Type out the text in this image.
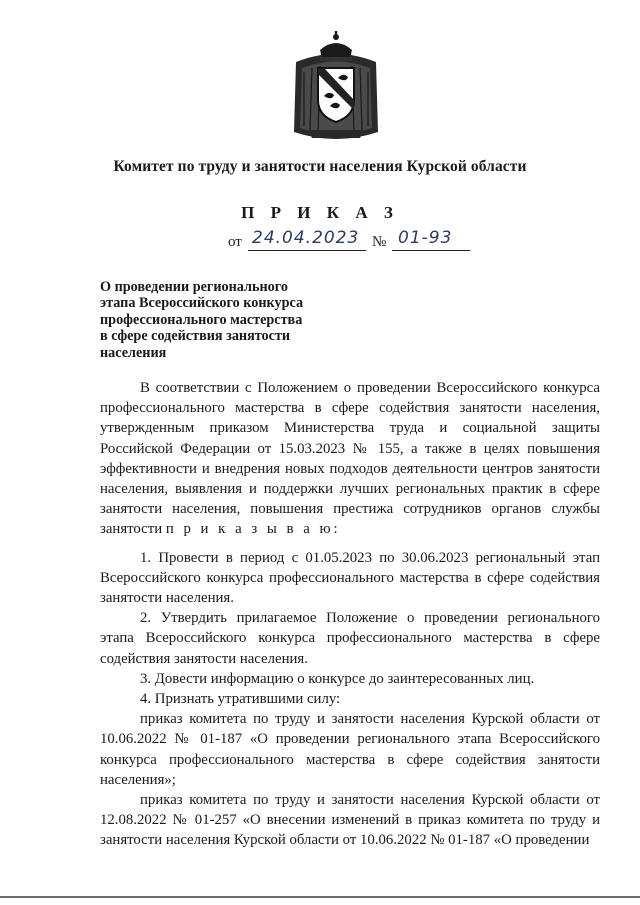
Комитет по труду и занятости населения Курской области
П Р И К А З
от 24.04.2023 № 01-93
О проведении регионального
этапа Всероссийского конкурса
профессионального мастерства
в сфере содействия занятости
населения

В соответствии с Положением о проведении Всероссийского конкурса профессионального мастерства в сфере содействия занятости населения, утвержденным приказом Министерства труда и социальной защиты Российской Федерации от 15.03.2023 № 155, а также в целях повышения эффективности и внедрения новых подходов деятельности центров занятости населения, выявления и поддержки лучших региональных практик в сфере занятости населения, повышения престижа сотрудников органов службы занятости п р и к а з ы в а ю:

1. Провести в период с 01.05.2023 по 30.06.2023 региональный этап Всероссийского конкурса профессионального мастерства в сфере содействия занятости населения.

2. Утвердить прилагаемое Положение о проведении регионального этапа Всероссийского конкурса профессионального мастерства в сфере содействия занятости населения.

3. Довести информацию о конкурсе до заинтересованных лиц.

4. Признать утратившими силу:

приказ комитета по труду и занятости населения Курской области от 10.06.2022 № 01-187 «О проведении регионального этапа Всероссийского конкурса профессионального мастерства в сфере содействия занятости населения»;

приказ комитета по труду и занятости населения Курской области от 12.08.2022 № 01-257 «О внесении изменений в приказ комитета по труду и занятости населения Курской области от 10.06.2022 № 01-187 «О проведении
